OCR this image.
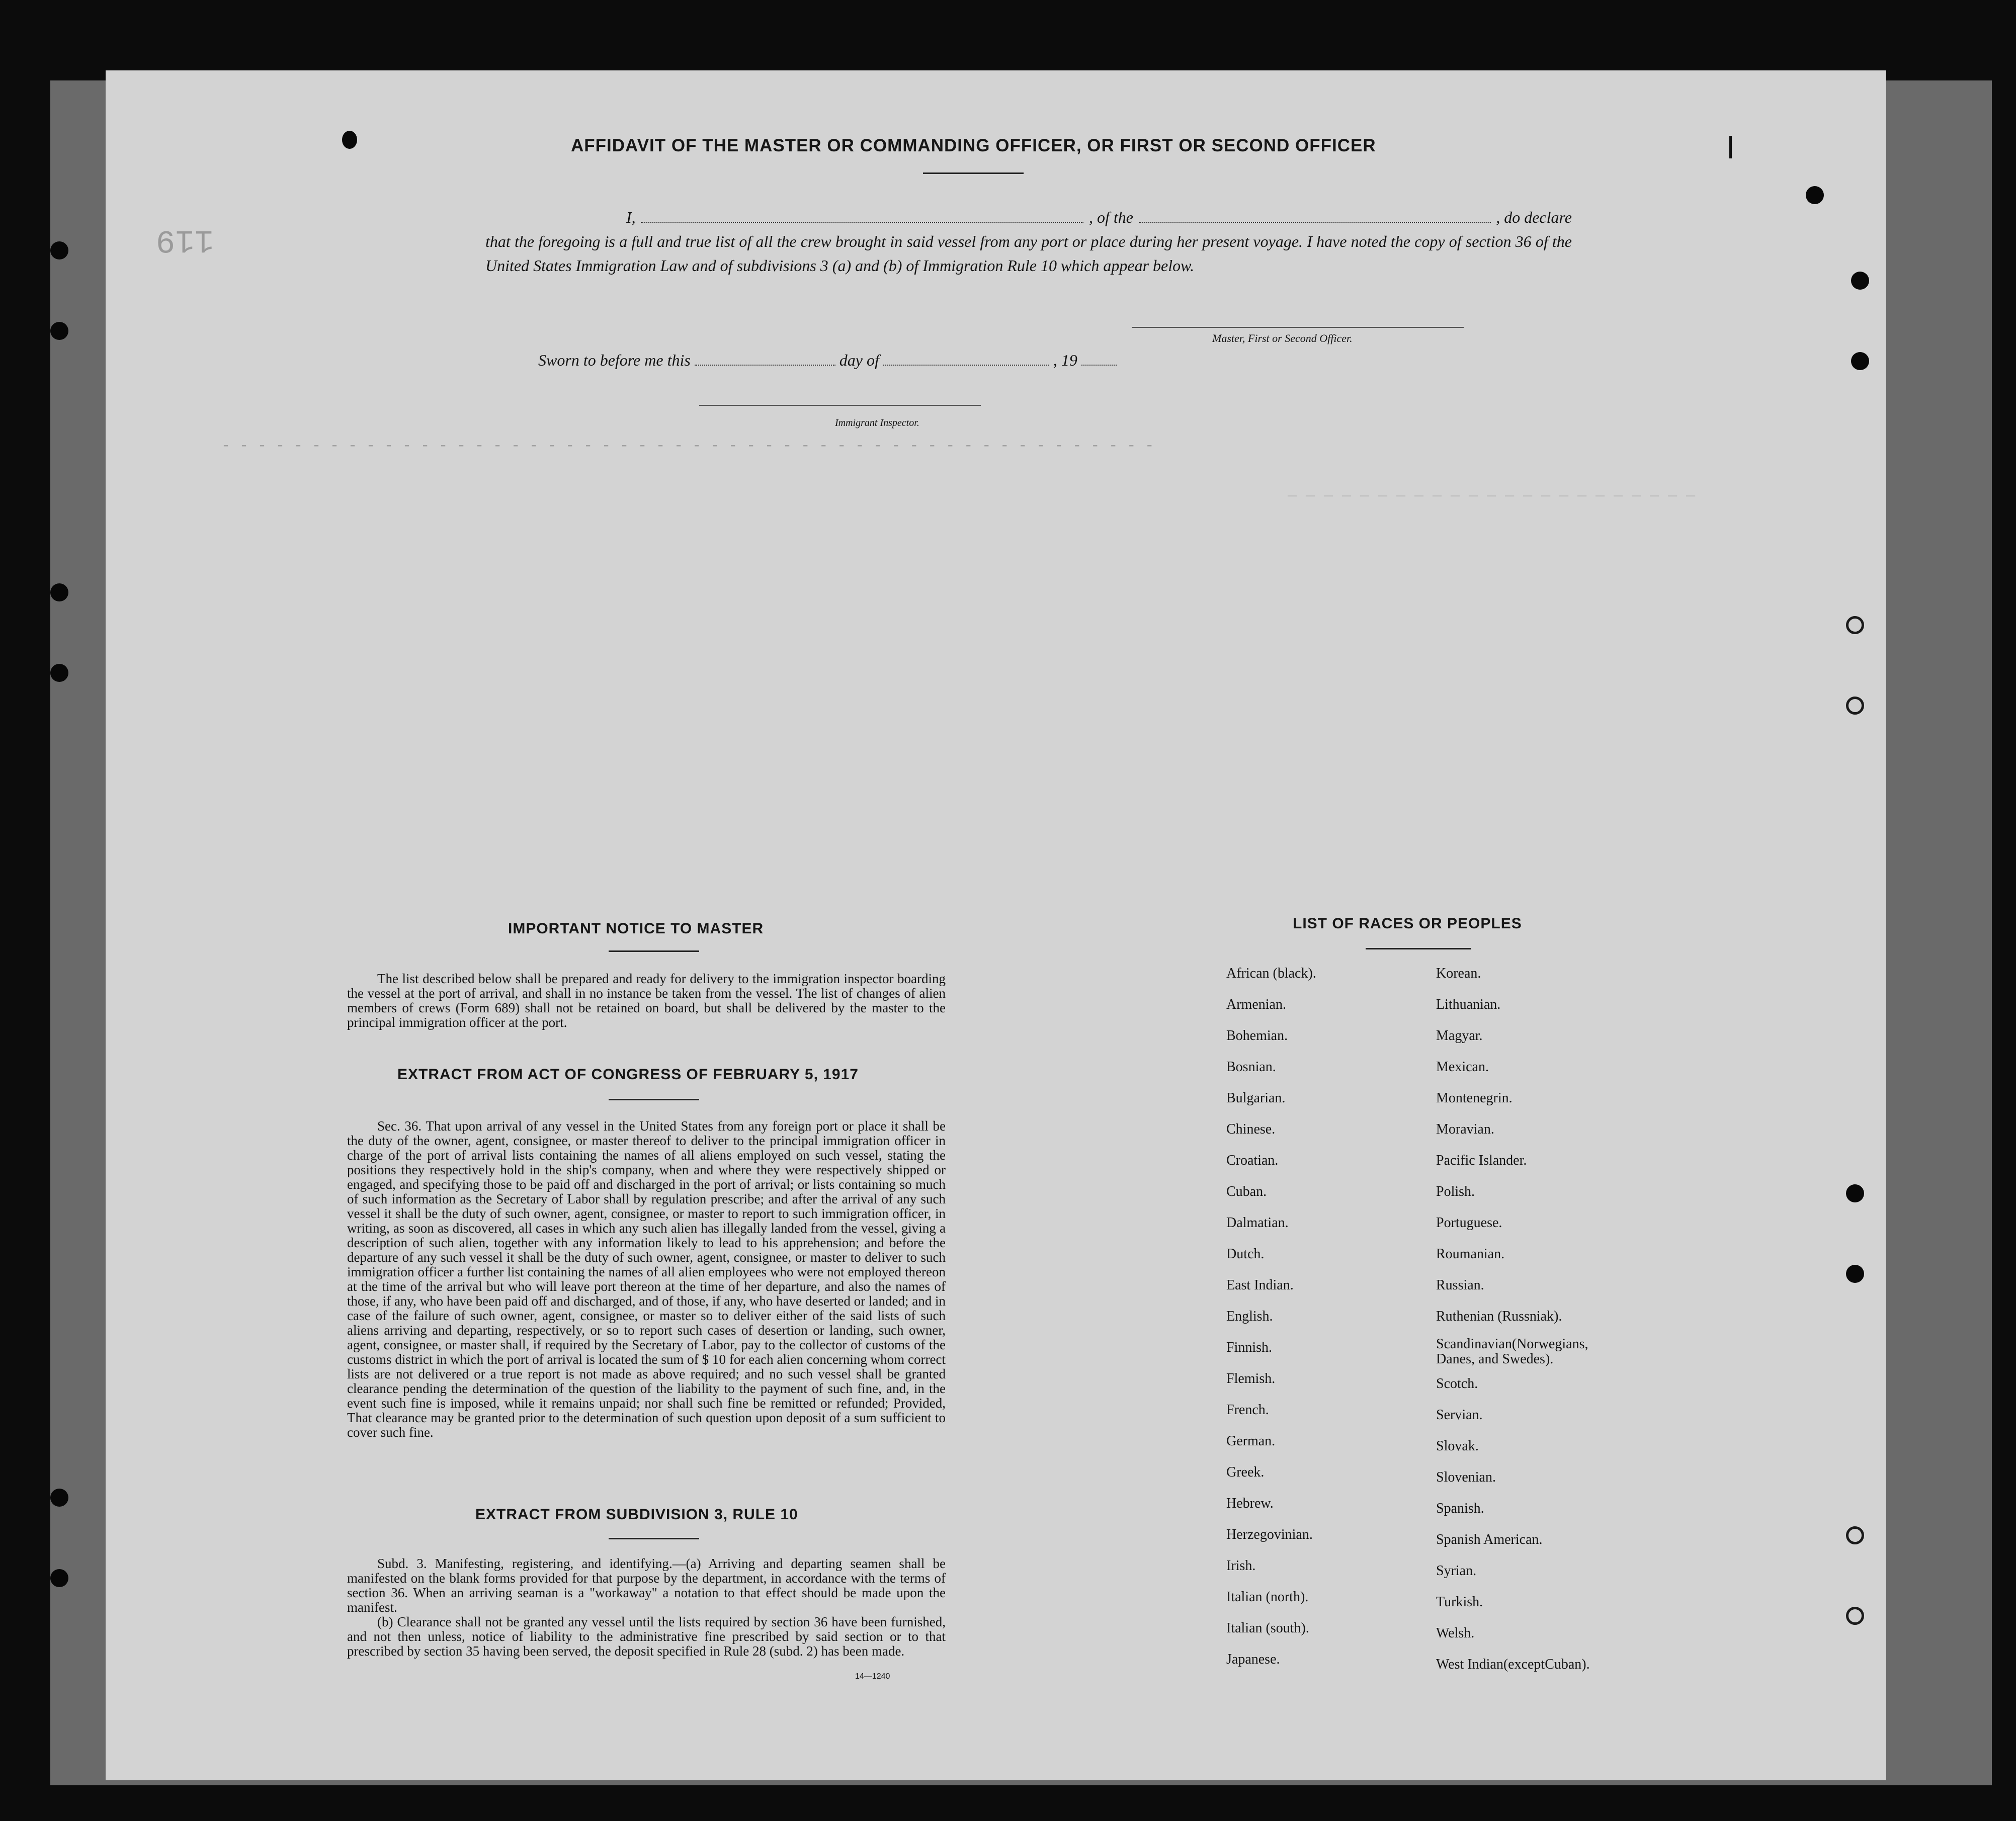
- - - - - - - - - - - - - - - - - - - - - - - - - - - - - - - - - - - - - - - - - - - - - - - - - - - -
_ _ _ _ _ _ _ _ _ _ _ _ _ _ _ _ _ _ _ _ _ _ _
119
AFFIDAVIT OF THE MASTER OR COMMANDING OFFICER, OR FIRST OR SECOND OFFICER
I,	, of the	, do declare
that the foregoing is a full and true list of all the crew brought in said vessel from any port or place during her present voyage. I have noted the copy of section 36 of the United States Immigration Law and of subdivisions 3 (a) and (b) of Immigration Rule 10 which appear below.
Master, First or Second Officer.
Sworn to before me this	day of	, 19
Immigrant Inspector.
IMPORTANT NOTICE TO MASTER
The list described below shall be prepared and ready for delivery to the immigration inspector boarding the vessel at the port of arrival, and shall in no instance be taken from the vessel. The list of changes of alien members of crews (Form 689) shall not be retained on board, but shall be delivered by the master to the principal immigration officer at the port.
EXTRACT FROM ACT OF CONGRESS OF FEBRUARY 5, 1917
Sec. 36. That upon arrival of any vessel in the United States from any foreign port or place it shall be the duty of the owner, agent, consignee, or master thereof to deliver to the principal immigration officer in charge of the port of arrival lists containing the names of all aliens employed on such vessel, stating the positions they respectively hold in the ship's company, when and where they were respectively shipped or engaged, and specifying those to be paid off and discharged in the port of arrival; or lists containing so much of such information as the Secretary of Labor shall by regulation prescribe; and after the arrival of any such vessel it shall be the duty of such owner, agent, consignee, or master to report to such immigration officer, in writing, as soon as discovered, all cases in which any such alien has illegally landed from the vessel, giving a description of such alien, together with any information likely to lead to his apprehension; and before the departure of any such vessel it shall be the duty of such owner, agent, consignee, or master to deliver to such immigration officer a further list containing the names of all alien employees who were not employed thereon at the time of the arrival but who will leave port thereon at the time of her departure, and also the names of those, if any, who have been paid off and discharged, and of those, if any, who have deserted or landed; and in case of the failure of such owner, agent, consignee, or master so to deliver either of the said lists of such aliens arriving and departing, respectively, or so to report such cases of desertion or landing, such owner, agent, consignee, or master shall, if required by the Secretary of Labor, pay to the collector of customs of the customs district in which the port of arrival is located the sum of $ 10 for each alien concerning whom correct lists are not delivered or a true report is not made as above required; and no such vessel shall be granted clearance pending the determination of the question of the liability to the payment of such fine, and, in the event such fine is imposed, while it remains unpaid; nor shall such fine be remitted or refunded; Provided, That clearance may be granted prior to the determination of such question upon deposit of a sum sufficient to cover such fine.
EXTRACT FROM SUBDIVISION 3, RULE 10
Subd. 3. Manifesting, registering, and identifying.—(a) Arriving and departing seamen shall be manifested on the blank forms provided for that purpose by the department, in accordance with the terms of section 36. When an arriving seaman is a "workaway" a notation to that effect should be made upon the manifest.
(b) Clearance shall not be granted any vessel until the lists required by section 36 have been furnished, and not then unless, notice of liability to the administrative fine prescribed by said section or to that prescribed by section 35 having been served, the deposit specified in Rule 28 (subd. 2) has been made.
14—1240
LIST OF RACES OR PEOPLES
African (black).
Armenian.
Bohemian.
Bosnian.
Bulgarian.
Chinese.
Croatian.
Cuban.
Dalmatian.
Dutch.
East Indian.
English.
Finnish.
Flemish.
French.
German.
Greek.
Hebrew.
Herzegovinian.
Irish.
Italian (north).
Italian (south).
Japanese.
Korean.
Lithuanian.
Magyar.
Mexican.
Montenegrin.
Moravian.
Pacific Islander.
Polish.
Portuguese.
Roumanian.
Russian.
Ruthenian (Russniak).
Scandinavian(Norwegians, Danes, and Swedes).
Scotch.
Servian.
Slovak.
Slovenian.
Spanish.
Spanish American.
Syrian.
Turkish.
Welsh.
West Indian(exceptCuban).
